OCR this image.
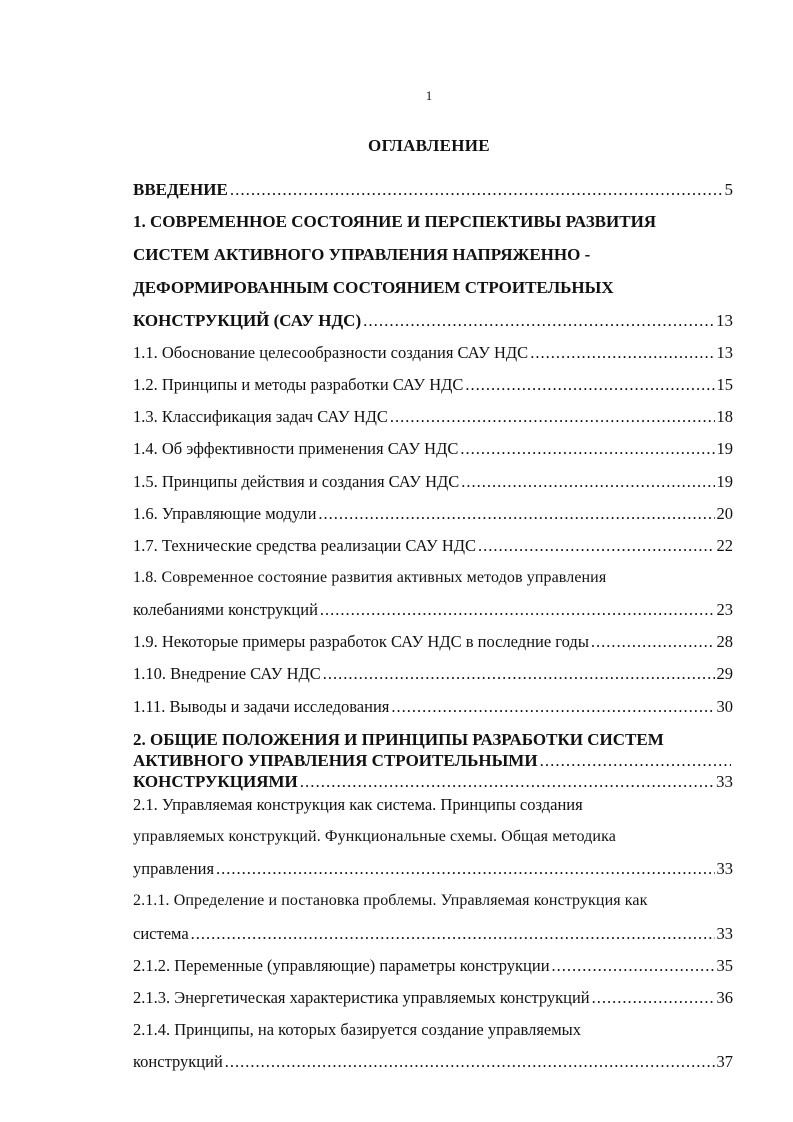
1
ОГЛАВЛЕНИЕ
ВВЕДЕНИЕ .....	5
1. СОВРЕМЕННОЕ СОСТОЯНИЕ И ПЕРСПЕКТИВЫ РАЗВИТИЯ
СИСТЕМ АКТИВНОГО УПРАВЛЕНИЯ НАПРЯЖЕННО -
ДЕФОРМИРОВАННЫМ СОСТОЯНИЕМ СТРОИТЕЛЬНЫХ
КОНСТРУКЦИЙ (САУ НДС) .....	13
1.1. Обоснование целесообразности создания САУ НДС .....	13
1.2. Принципы и методы разработки САУ НДС .....	15
1.3. Классификация задач САУ НДС .....	18
1.4. Об эффективности применения САУ НДС .....	19
1.5. Принципы действия и создания САУ НДС .....	19
1.6. Управляющие модули .....	20
1.7. Технические средства реализации САУ НДС .....	22
1.8. Современное состояние развития активных методов управления
колебаниями конструкций .....	23
1.9. Некоторые примеры разработок САУ НДС в последние годы .....	28
1.10. Внедрение САУ НДС .....	29
1.11. Выводы и задачи исследования .....	30
2. ОБЩИЕ ПОЛОЖЕНИЯ И ПРИНЦИПЫ РАЗРАБОТКИ СИСТЕМ
АКТИВНОГО УПРАВЛЕНИЯ СТРОИТЕЛЬНЫМИ
.....
КОНСТРУКЦИЯМИ .....	33
2.1. Управляемая конструкция как система. Принципы создания
управляемых конструкций. Функциональные схемы. Общая методика
управления .....	33
2.1.1. Определение и постановка проблемы. Управляемая конструкция как
система .....	33
2.1.2. Переменные (управляющие) параметры конструкции .....	35
2.1.3. Энергетическая характеристика управляемых конструкций .....	36
2.1.4. Принципы, на которых базируется создание управляемых
конструкций .....	37
